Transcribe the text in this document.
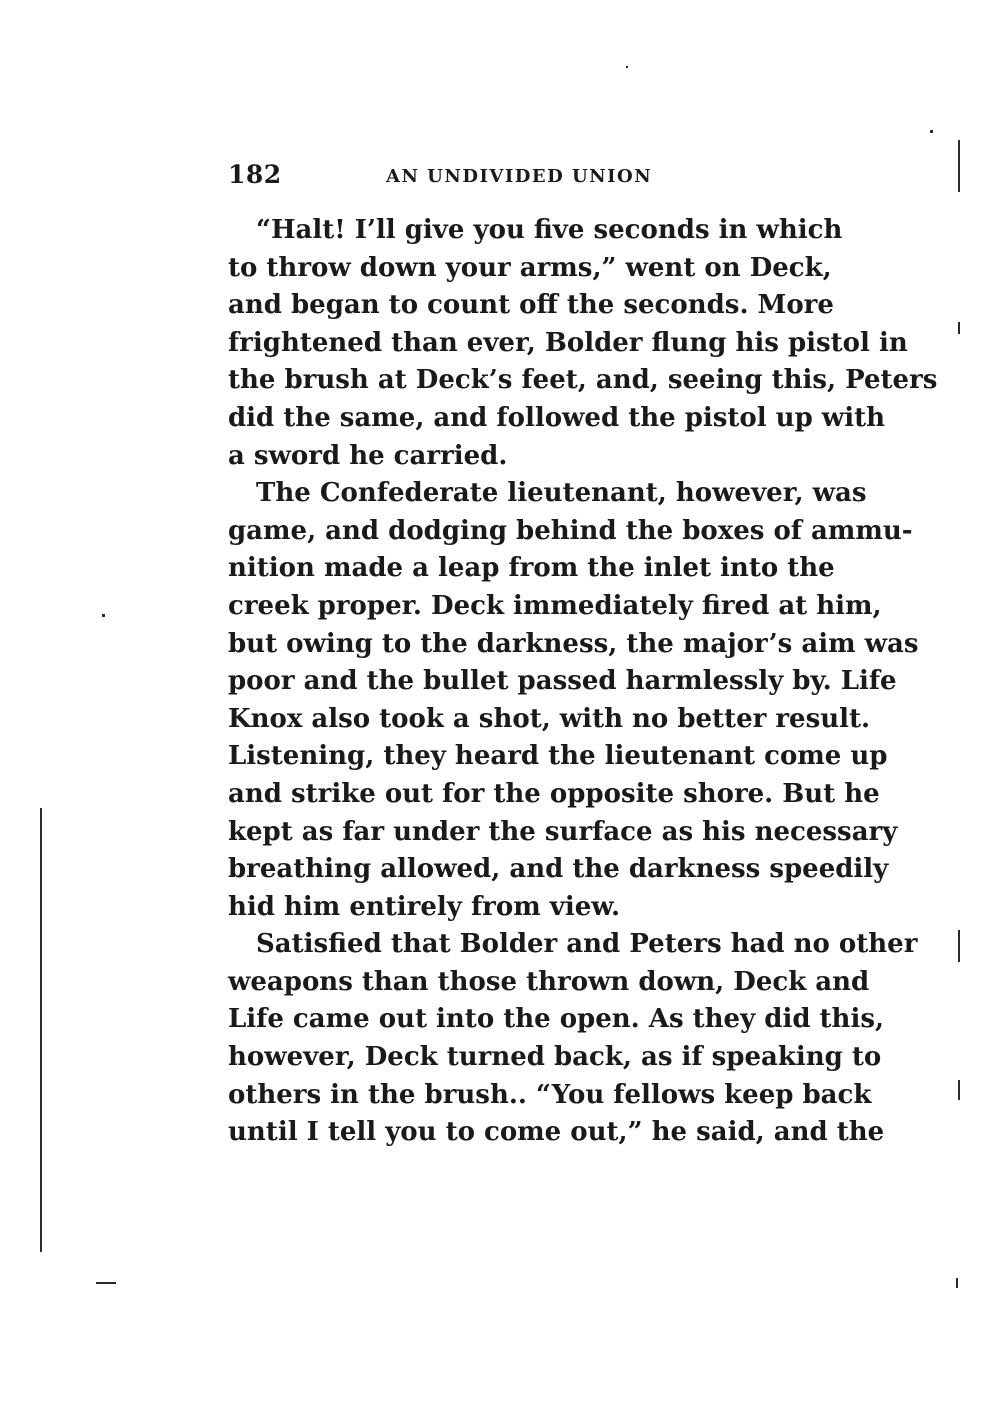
182	AN UNDIVIDED UNION

“Halt! I’ll give you five seconds in which
to throw down your arms,” went on Deck,
and began to count off the seconds. More
frightened than ever, Bolder flung his pistol in
the brush at Deck’s feet, and, seeing this, Peters
did the same, and followed the pistol up with
a sword he carried.

The Confederate lieutenant, however, was
game, and dodging behind the boxes of ammu-
nition made a leap from the inlet into the
creek proper. Deck immediately fired at him,
but owing to the darkness, the major’s aim was
poor and the bullet passed harmlessly by. Life
Knox also took a shot, with no better result.
Listening, they heard the lieutenant come up
and strike out for the opposite shore. But he
kept as far under the surface as his necessary
breathing allowed, and the darkness speedily
hid him entirely from view.

Satisfied that Bolder and Peters had no other
weapons than those thrown down, Deck and
Life came out into the open. As they did this,
however, Deck turned back, as if speaking to
others in the brush.. “You fellows keep back
until I tell you to come out,” he said, and the
